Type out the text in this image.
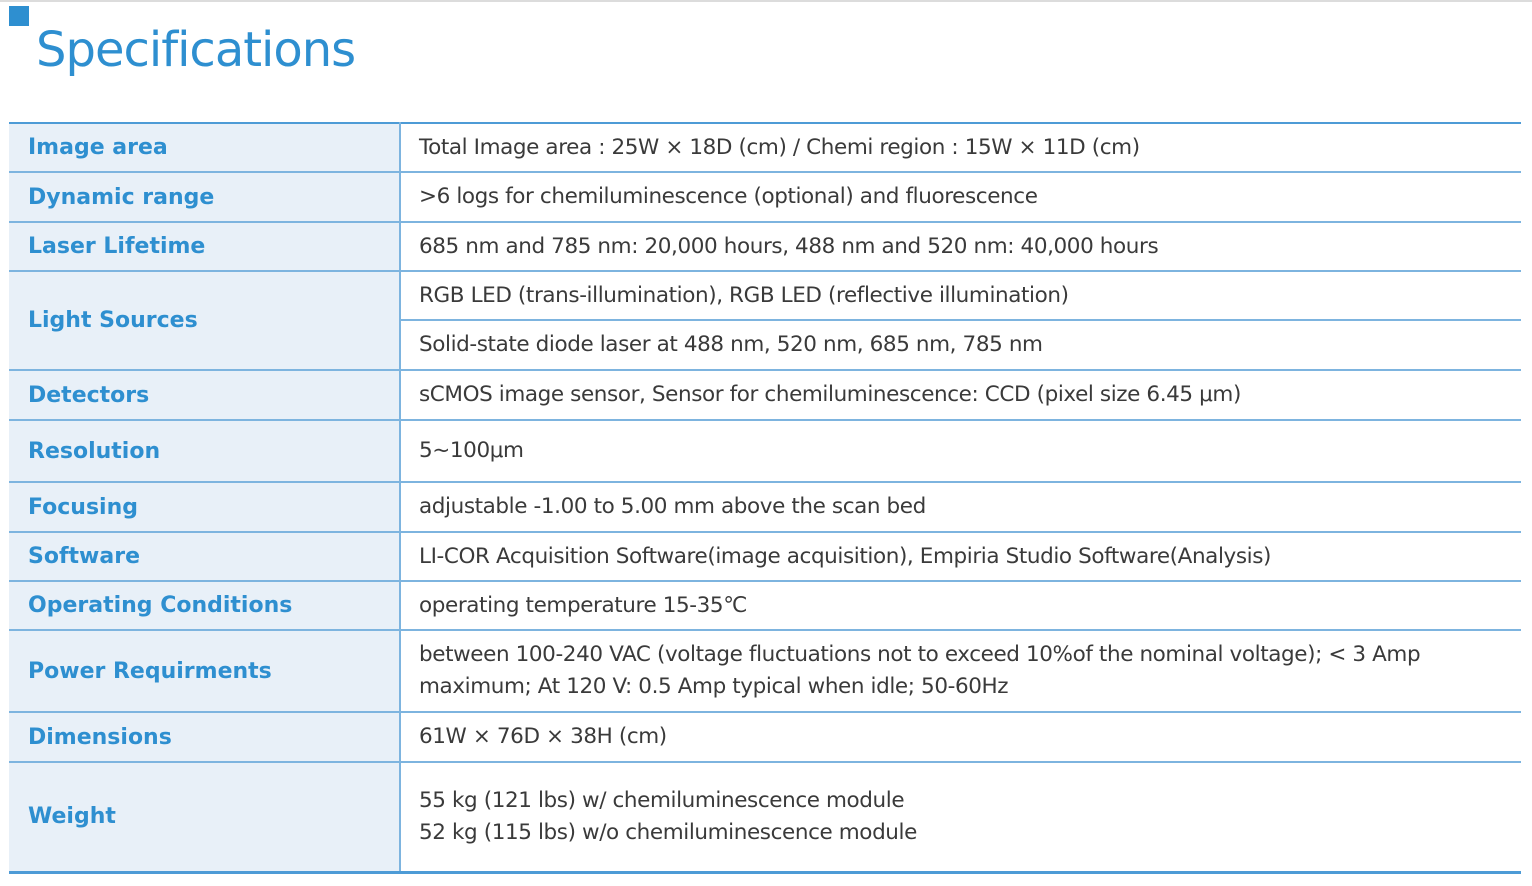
Specifications
Image area	Total Image area : 25W × 18D (cm) / Chemi region : 15W × 11D (cm)

Dynamic range	>6 logs for chemiluminescence (optional) and fluorescence

Laser Lifetime	685 nm and 785 nm: 20,000 hours, 488 nm and 520 nm: 40,000 hours

Light Sources	RGB LED (trans-illumination), RGB LED (reflective illumination)

	Solid-state diode laser at 488 nm, 520 nm, 685 nm, 785 nm

Detectors	sCMOS image sensor, Sensor for chemiluminescence: CCD (pixel size 6.45 μm)

Resolution	5~100μm

Focusing	adjustable -1.00 to 5.00 mm above the scan bed

Software	LI-COR Acquisition Software(image acquisition), Empiria Studio Software(Analysis)

Operating Conditions	operating temperature 15-35℃

Power Requirments	between 100-240 VAC (voltage fluctuations not to exceed 10%of the nominal voltage); < 3 Amp maximum; At 120 V: 0.5 Amp typical when idle; 50-60Hz

Dimensions	61W × 76D × 38H (cm)

Weight	55 kg (121 lbs) w/ chemiluminescence module
52 kg (115 lbs) w/o chemiluminescence module
